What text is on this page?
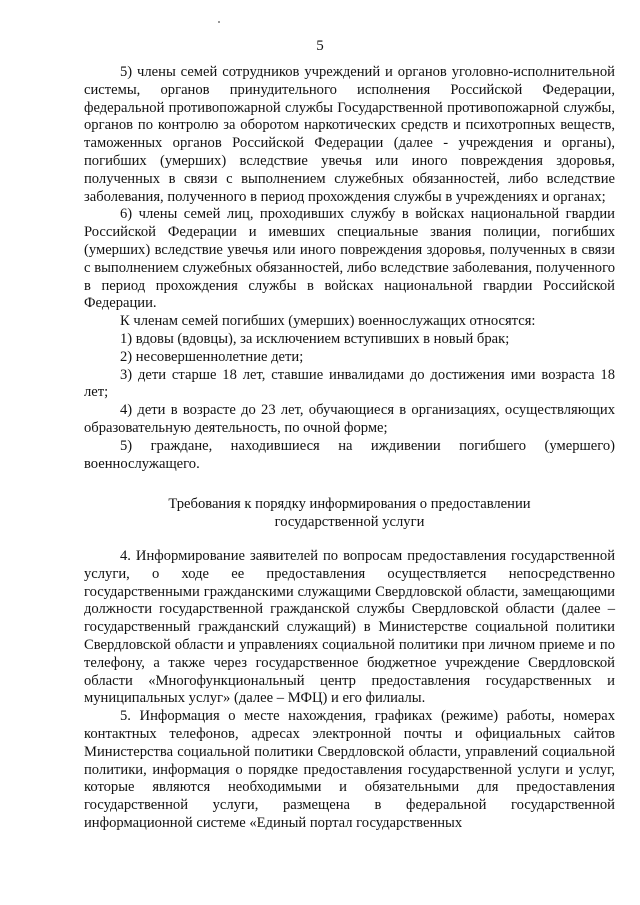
5

5) члены семей сотрудников учреждений и органов уголовно-исполнительной системы, органов принудительного исполнения Российской Федерации, федеральной противопожарной службы Государственной противопожарной службы, органов по контролю за оборотом наркотических средств и психотропных веществ, таможенных органов Российской Федерации (далее - учреждения и органы), погибших (умерших) вследствие увечья или иного повреждения здоровья, полученных в связи с выполнением служебных обязанностей, либо вследствие заболевания, полученного в период прохождения службы в учреждениях и органах;

6) члены семей лиц, проходивших службу в войсках национальной гвардии Российской Федерации и имевших специальные звания полиции, погибших (умерших) вследствие увечья или иного повреждения здоровья, полученных в связи с выполнением служебных обязанностей, либо вследствие заболевания, полученного в период прохождения службы в войсках национальной гвардии Российской Федерации.

К членам семей погибших (умерших) военнослужащих относятся:

1) вдовы (вдовцы), за исключением вступивших в новый брак;

2) несовершеннолетние дети;

3) дети старше 18 лет, ставшие инвалидами до достижения ими возраста 18 лет;

4) дети в возрасте до 23 лет, обучающиеся в организациях, осуществляющих образовательную деятельность, по очной форме;

5) граждане, находившиеся на иждивении погибшего (умершего) военнослужащего.

Требования к порядку информирования о предоставлении
государственной услуги

4. Информирование заявителей по вопросам предоставления государственной услуги, о ходе ее предоставления осуществляется непосредственно государственными гражданскими служащими Свердловской области, замещающими должности государственной гражданской службы Свердловской области (далее – государственный гражданский служащий) в Министерстве социальной политики Свердловской области и управлениях социальной политики при личном приеме и по телефону, а также через государственное бюджетное учреждение Свердловской области «Многофункциональный центр предоставления государственных и муниципальных услуг» (далее – МФЦ) и его филиалы.

5. Информация о месте нахождения, графиках (режиме) работы, номерах контактных телефонов, адресах электронной почты и официальных сайтов Министерства социальной политики Свердловской области, управлений социальной политики, информация о порядке предоставления государственной услуги и услуг, которые являются необходимыми и обязательными для предоставления государственной услуги, размещена в федеральной государственной информационной системе «Единый портал государственных
